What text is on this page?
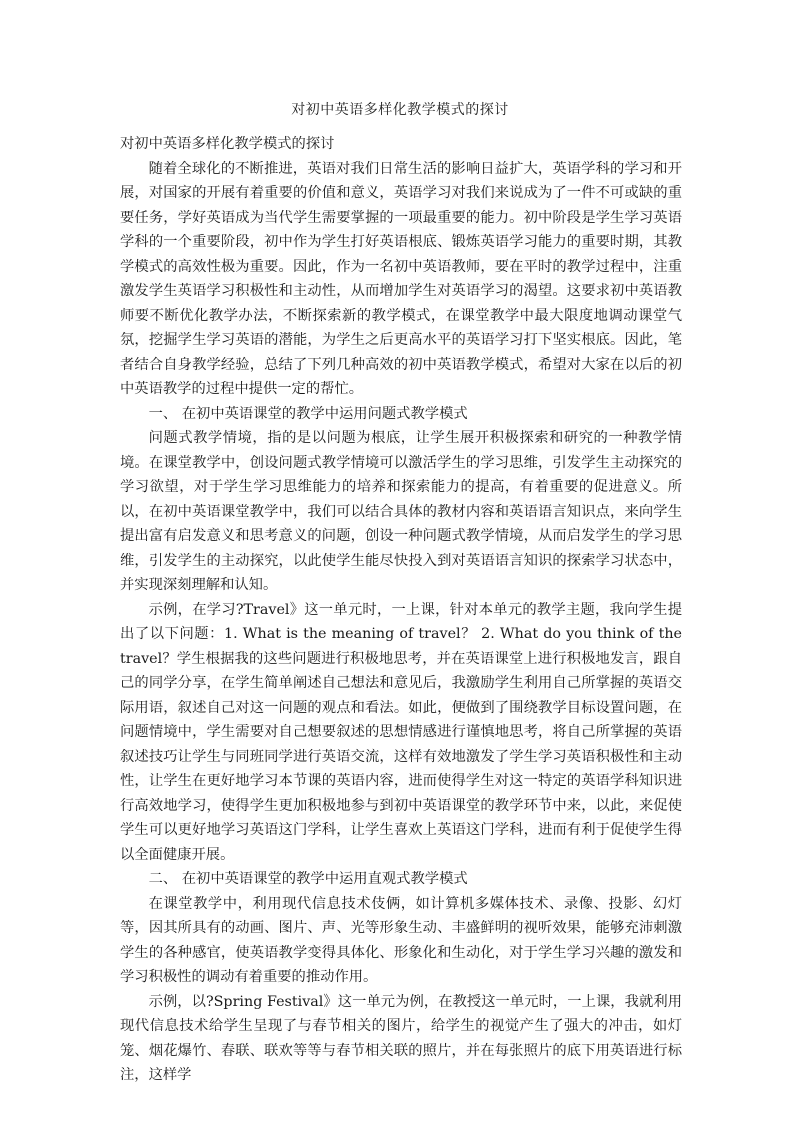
对初中英语多样化教学模式的探讨

对初中英语多样化教学模式的探讨

随着全球化的不断推进，英语对我们日常生活的影响日益扩大，英语学科的学习和开展，对国家的开展有着重要的价值和意义，英语学习对我们来说成为了一件不可或缺的重要任务，学好英语成为当代学生需要掌握的一项最重要的能力。初中阶段是学生学习英语学科的一个重要阶段，初中作为学生打好英语根底、锻炼英语学习能力的重要时期，其教学模式的高效性极为重要。因此，作为一名初中英语教师，要在平时的教学过程中，注重激发学生英语学习积极性和主动性，从而增加学生对英语学习的渴望。这要求初中英语教师要不断优化教学办法，不断探索新的教学模式，在课堂教学中最大限度地调动课堂气氛，挖掘学生学习英语的潜能，为学生之后更高水平的英语学习打下坚实根底。因此，笔者结合自身教学经验，总结了下列几种高效的初中英语教学模式，希望对大家在以后的初中英语教学的过程中提供一定的帮忙。

一、 在初中英语课堂的教学中运用问题式教学模式

问题式教学情境，指的是以问题为根底，让学生展开积极探索和研究的一种教学情境。在课堂教学中，创设问题式教学情境可以激活学生的学习思维，引发学生主动探究的学习欲望，对于学生学习思维能力的培养和探索能力的提高，有着重要的促进意义。所以，在初中英语课堂教学中，我们可以结合具体的教材内容和英语语言知识点，来向学生提出富有启发意义和思考意义的问题，创设一种问题式教学情境，从而启发学生的学习思维，引发学生的主动探究，以此使学生能尽快投入到对英语语言知识的探索学习状态中，并实现深刻理解和认知。

示例，在学习?Travel》这一单元时，一上课，针对本单元的教学主题，我向学生提出了以下问题：1. What is the meaning of travel？ 2. What do you think of the travel？学生根据我的这些问题进行积极地思考，并在英语课堂上进行积极地发言，跟自己的同学分享，在学生简单阐述自己想法和意见后，我激励学生利用自己所掌握的英语交际用语，叙述自己对这一问题的观点和看法。如此，便做到了围绕教学目标设置问题，在问题情境中，学生需要对自己想要叙述的思想情感进行谨慎地思考，将自己所掌握的英语叙述技巧让学生与同班同学进行英语交流，这样有效地激发了学生学习英语积极性和主动性，让学生在更好地学习本节课的英语内容，进而使得学生对这一特定的英语学科知识进行高效地学习，使得学生更加积极地参与到初中英语课堂的教学环节中来，以此，来促使学生可以更好地学习英语这门学科，让学生喜欢上英语这门学科，进而有利于促使学生得以全面健康开展。

二、 在初中英语课堂的教学中运用直观式教学模式

在课堂教学中，利用现代信息技术伎俩，如计算机多媒体技术、录像、投影、幻灯等，因其所具有的动画、图片、声、光等形象生动、丰盛鲜明的视听效果，能够充沛刺激学生的各种感官，使英语教学变得具体化、形象化和生动化，对于学生学习兴趣的激发和学习积极性的调动有着重要的推动作用。

示例，以?Spring Festival》这一单元为例，在教授这一单元时，一上课，我就利用现代信息技术给学生呈现了与春节相关的图片，给学生的视觉产生了强大的冲击，如灯笼、烟花爆竹、春联、联欢等等与春节相关联的照片，并在每张照片的底下用英语进行标注，这样学
